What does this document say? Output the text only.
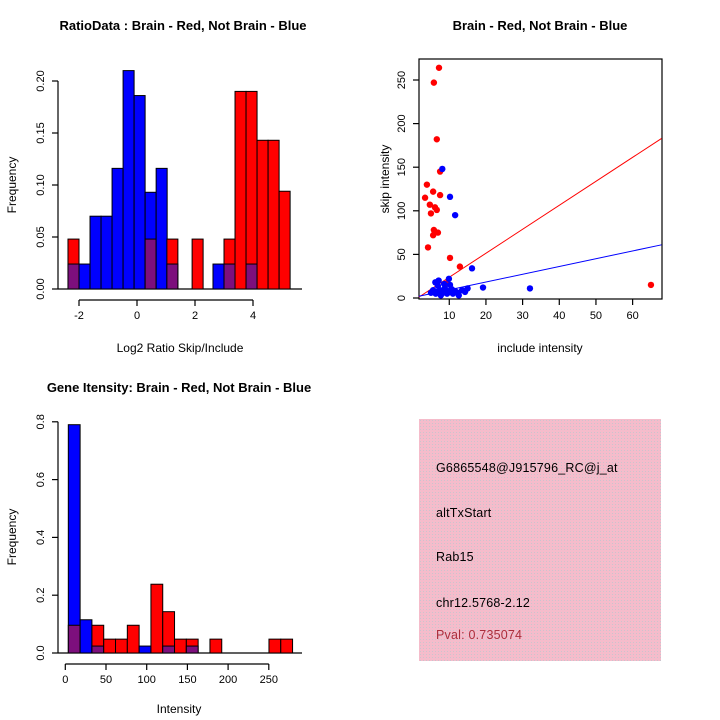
0.00
0.05
0.10
0.15
0.20
-2	0	2	4
RatioData : Brain - Red, Not Brain - Blue
Log2 Ratio Skip/Include
Frequency
10 20 30 40 50 60
0
50
100
150
200
250
Brain - Red, Not Brain - Blue
include intensity
skip intensity
0.0
0.2
0.4
0.6
0.8
0	50 100 150 200 250
Gene Itensity: Brain - Red, Not Brain - Blue
Intensity
Frequency
G6865548@J915796_RC@j_at
altTxStart
Rab15
chr12.5768-2.12
Pval: 0.735074
